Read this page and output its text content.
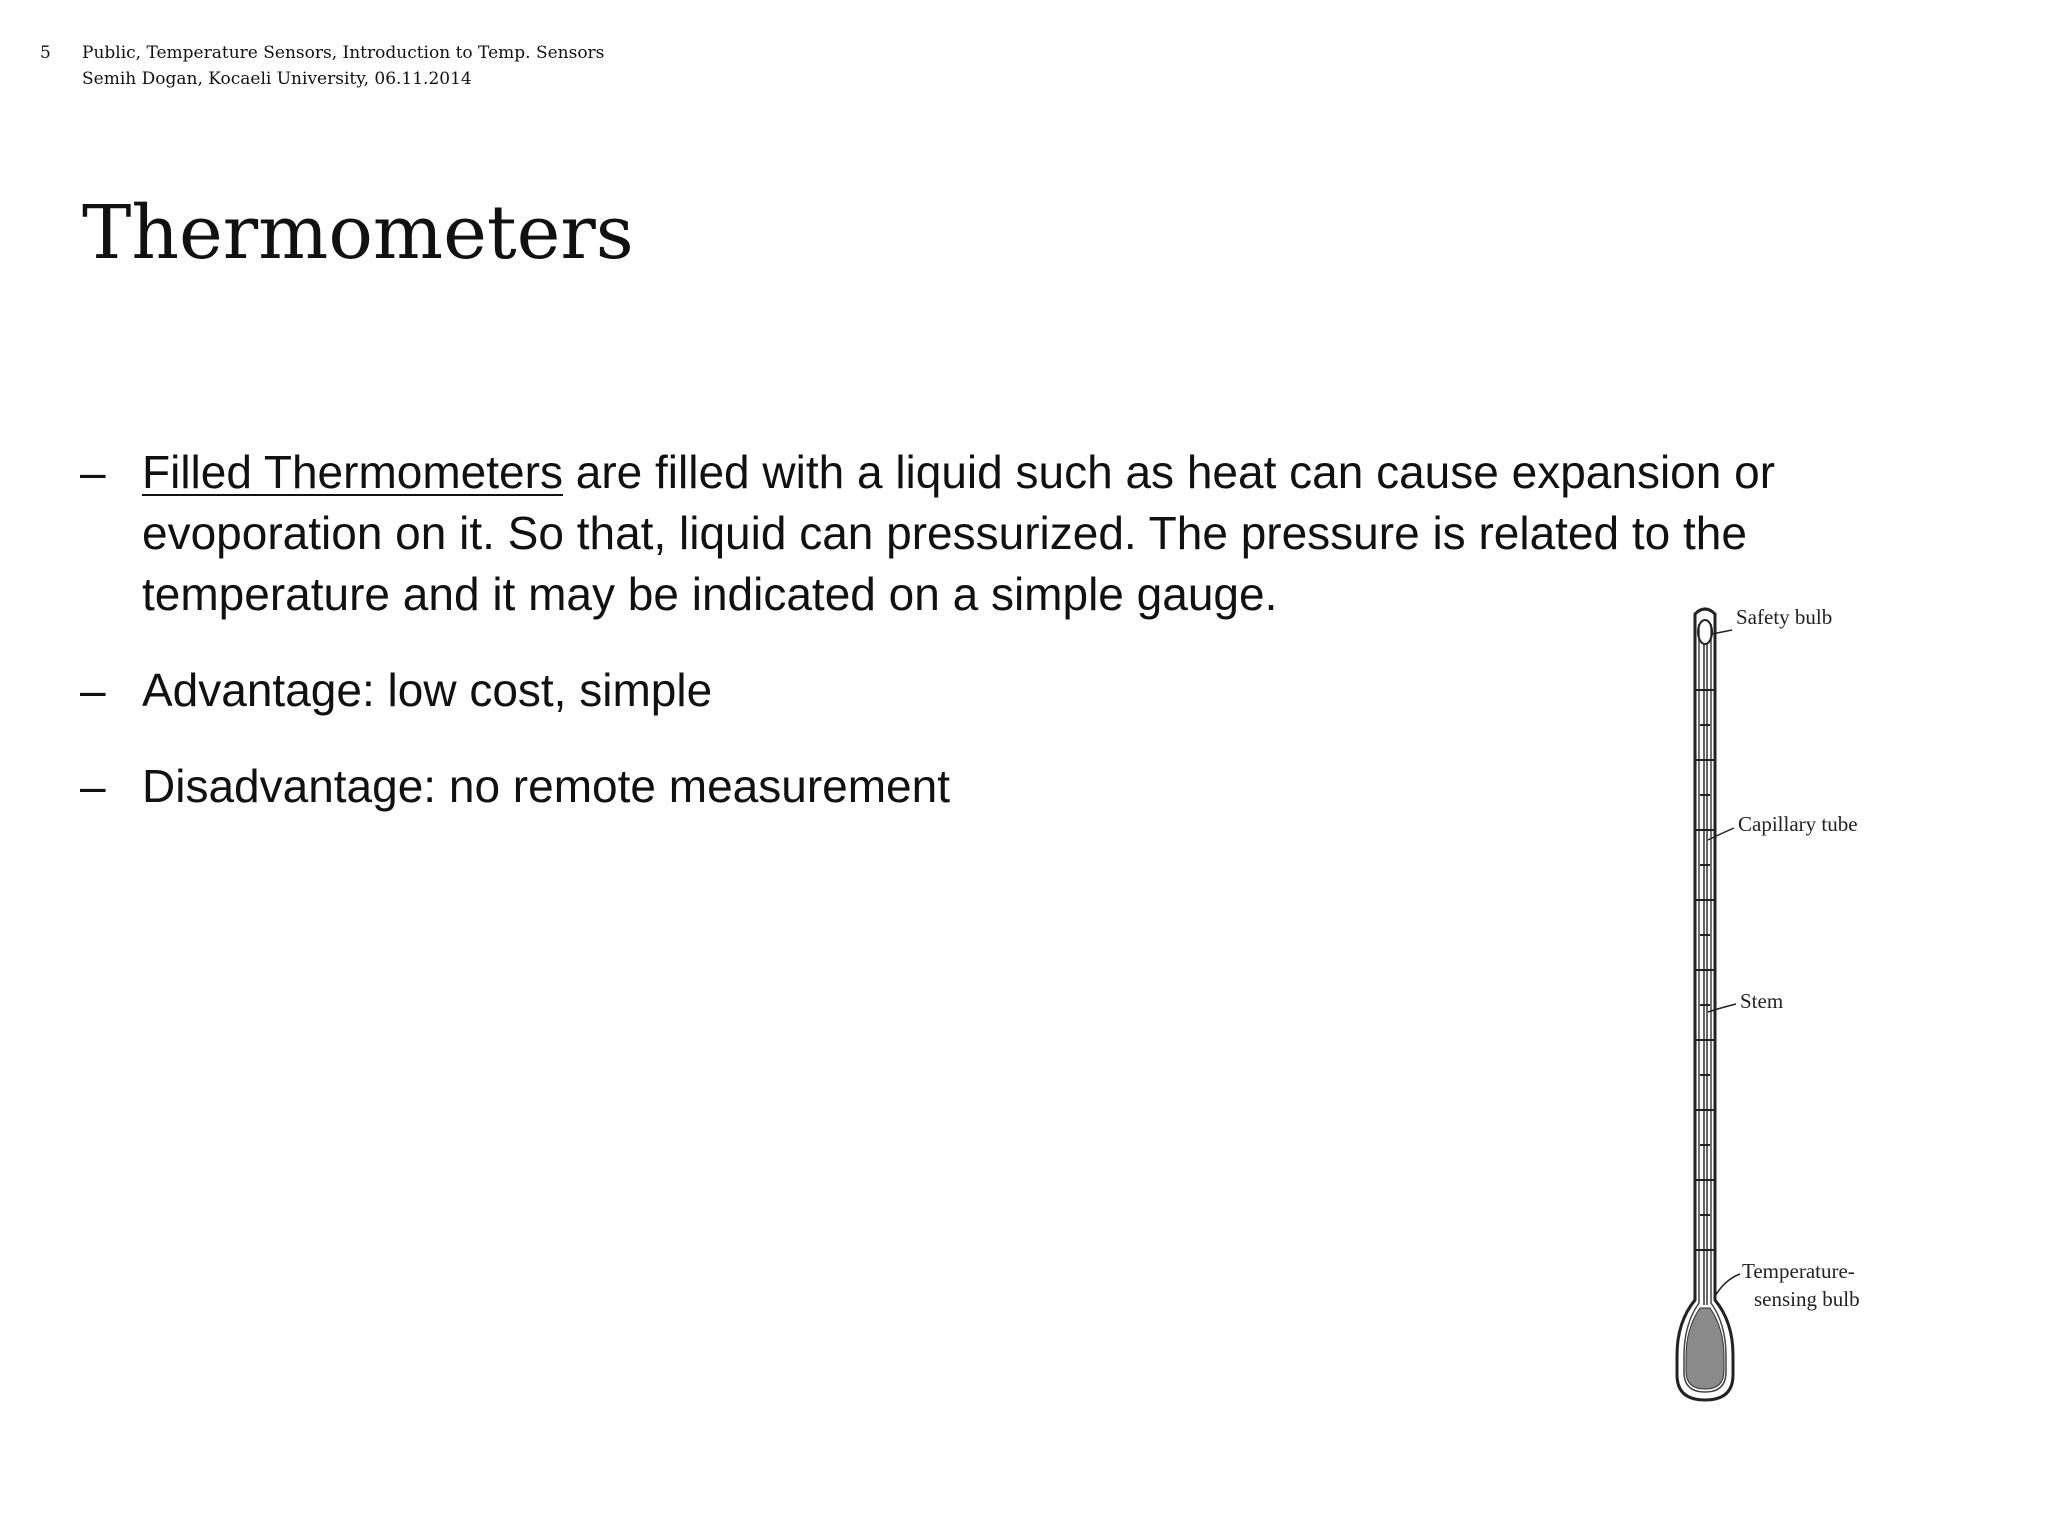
5 Public, Temperature Sensors, Introduction to Temp. Sensors
Semih Dogan, Kocaeli University, 06.11.2014
Thermometers
– Filled Thermometers are filled with a liquid such as heat can cause expansion or evoporation on it. So that, liquid can pressurized. The pressure is related to the temperature and it may be indicated on a simple gauge.
– Advantage: low cost, simple
– Disadvantage: no remote measurement
Safety bulb
Capillary tube
Stem
Temperature-
sensing bulb
